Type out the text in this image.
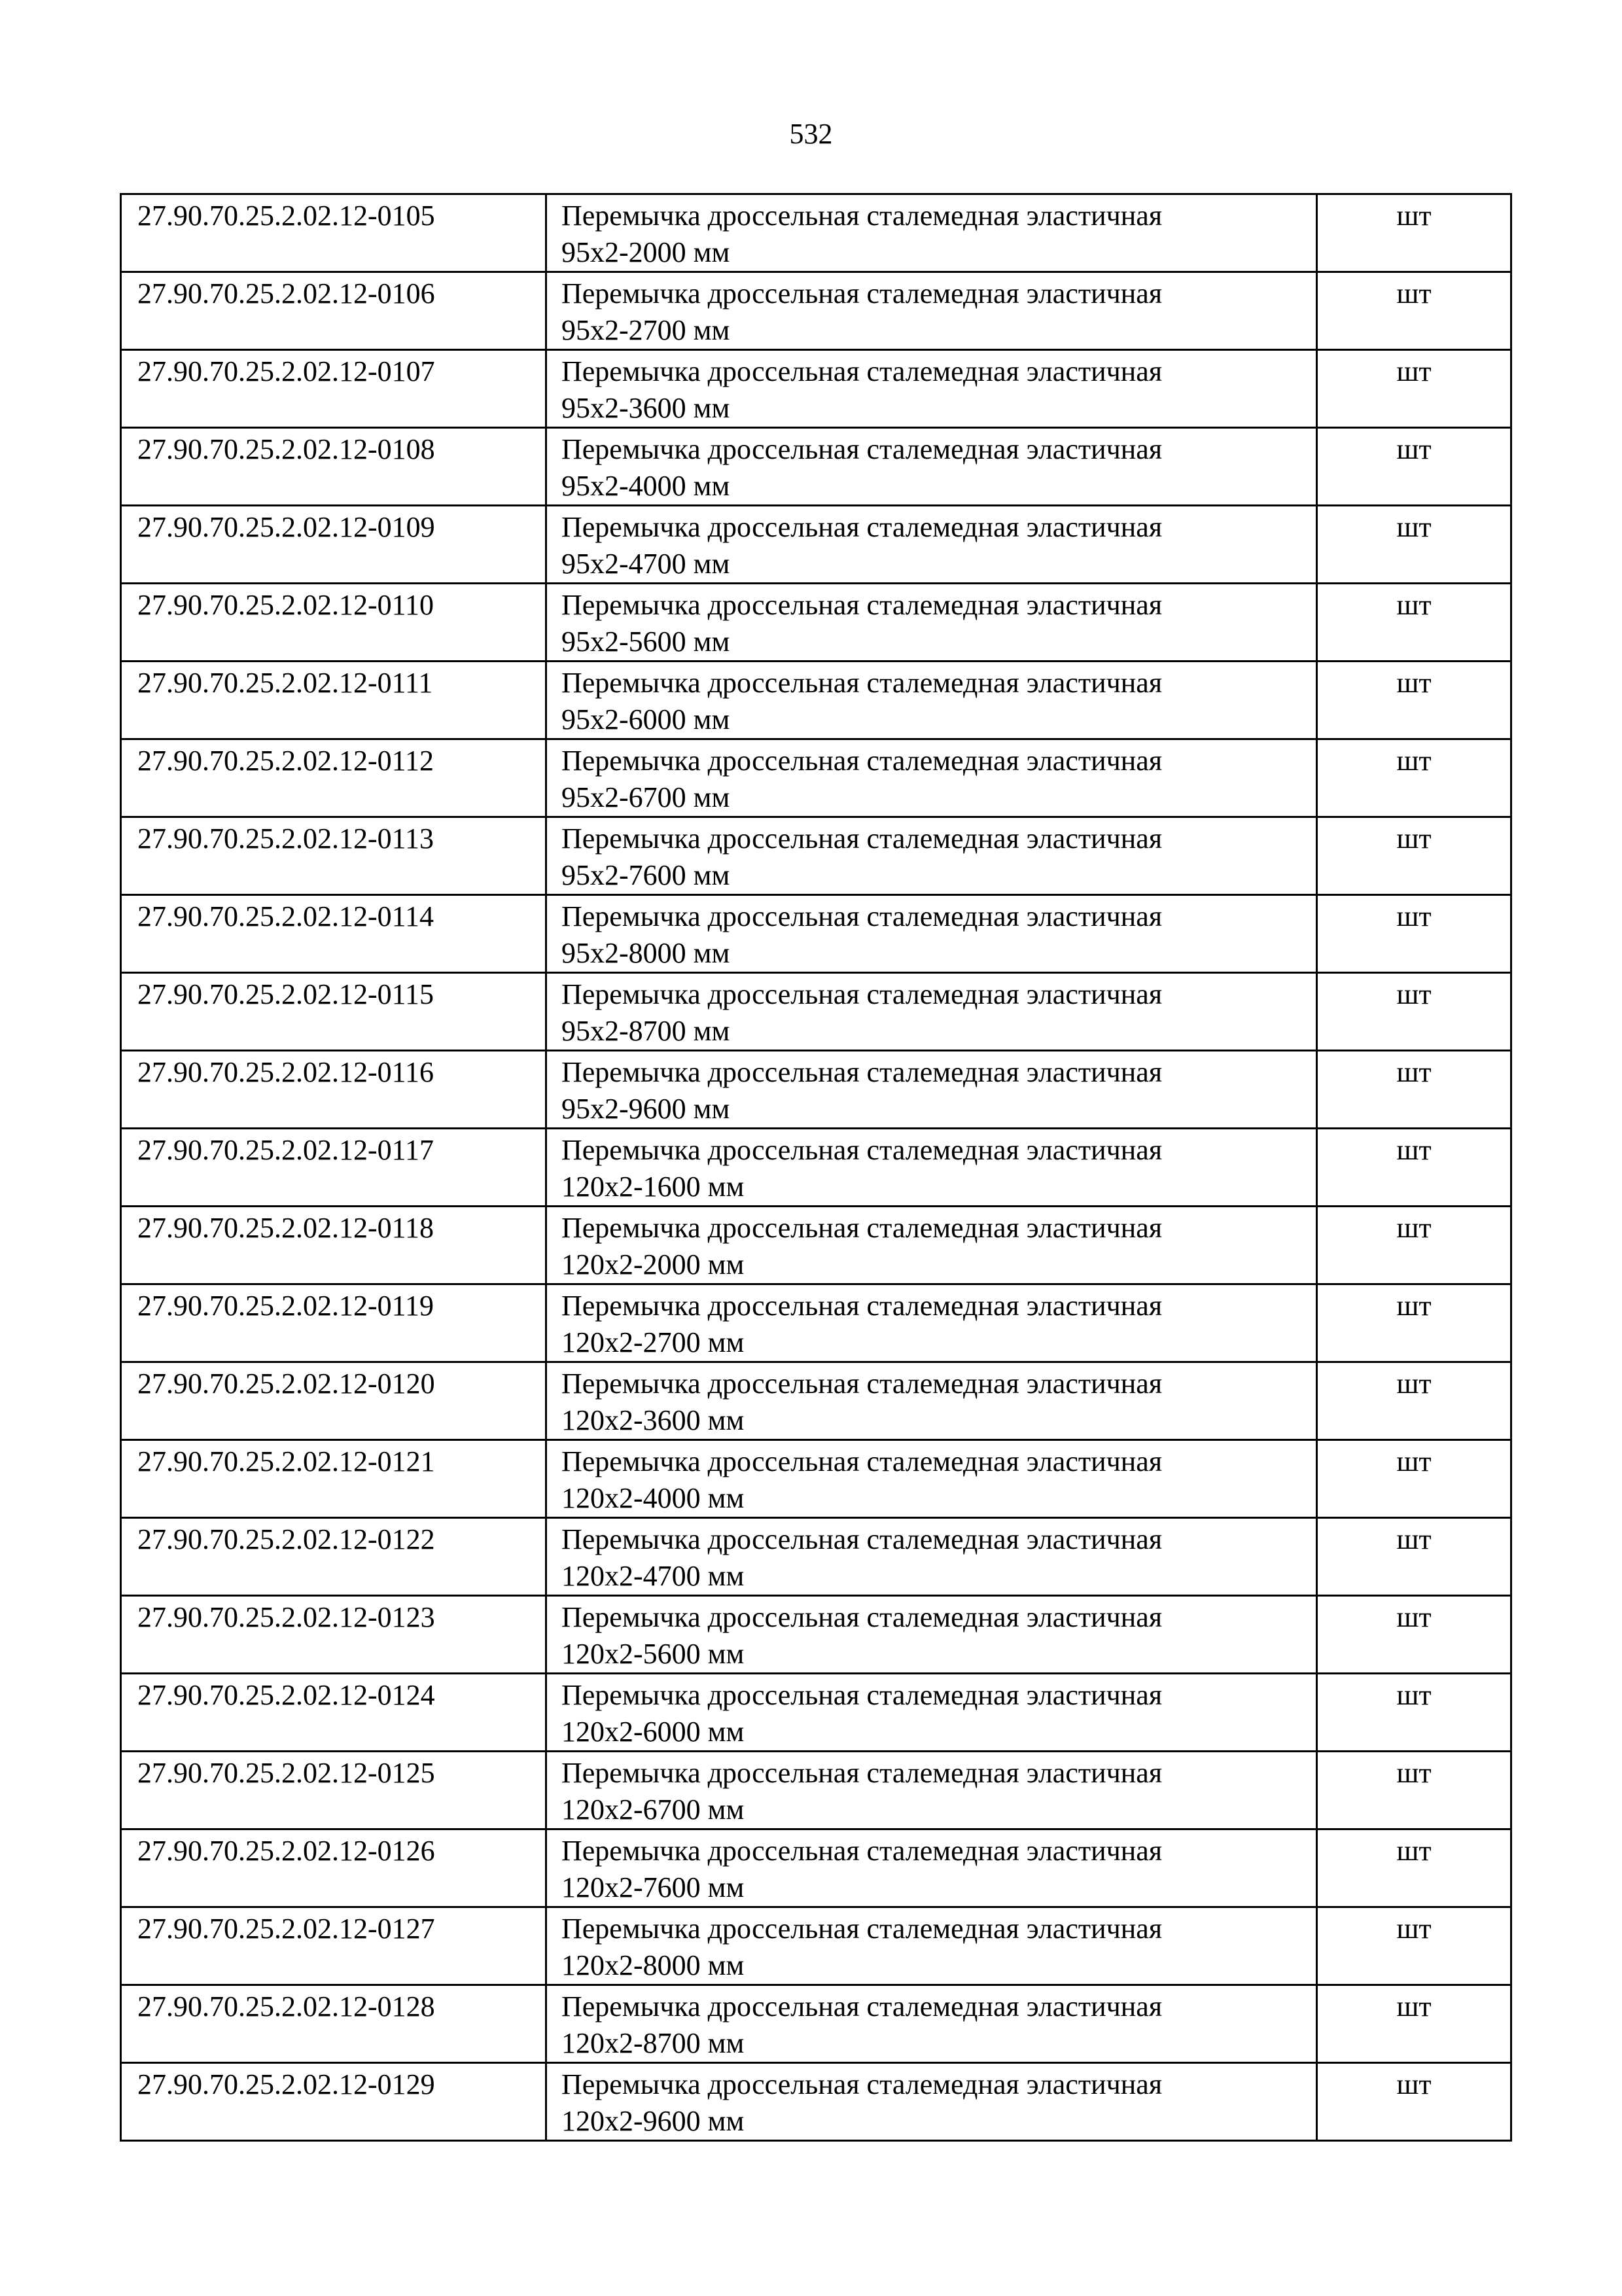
532
27.90.70.25.2.02.12-0105	Перемычка дроссельная сталемедная эластичная
95х2-2000 мм	шт
27.90.70.25.2.02.12-0106	Перемычка дроссельная сталемедная эластичная
95х2-2700 мм	шт
27.90.70.25.2.02.12-0107	Перемычка дроссельная сталемедная эластичная
95х2-3600 мм	шт
27.90.70.25.2.02.12-0108	Перемычка дроссельная сталемедная эластичная
95х2-4000 мм	шт
27.90.70.25.2.02.12-0109	Перемычка дроссельная сталемедная эластичная
95х2-4700 мм	шт
27.90.70.25.2.02.12-0110	Перемычка дроссельная сталемедная эластичная
95х2-5600 мм	шт
27.90.70.25.2.02.12-0111	Перемычка дроссельная сталемедная эластичная
95х2-6000 мм	шт
27.90.70.25.2.02.12-0112	Перемычка дроссельная сталемедная эластичная
95х2-6700 мм	шт
27.90.70.25.2.02.12-0113	Перемычка дроссельная сталемедная эластичная
95х2-7600 мм	шт
27.90.70.25.2.02.12-0114	Перемычка дроссельная сталемедная эластичная
95х2-8000 мм	шт
27.90.70.25.2.02.12-0115	Перемычка дроссельная сталемедная эластичная
95х2-8700 мм	шт
27.90.70.25.2.02.12-0116	Перемычка дроссельная сталемедная эластичная
95х2-9600 мм	шт
27.90.70.25.2.02.12-0117	Перемычка дроссельная сталемедная эластичная
120х2-1600 мм	шт
27.90.70.25.2.02.12-0118	Перемычка дроссельная сталемедная эластичная
120х2-2000 мм	шт
27.90.70.25.2.02.12-0119	Перемычка дроссельная сталемедная эластичная
120х2-2700 мм	шт
27.90.70.25.2.02.12-0120	Перемычка дроссельная сталемедная эластичная
120х2-3600 мм	шт
27.90.70.25.2.02.12-0121	Перемычка дроссельная сталемедная эластичная
120х2-4000 мм	шт
27.90.70.25.2.02.12-0122	Перемычка дроссельная сталемедная эластичная
120х2-4700 мм	шт
27.90.70.25.2.02.12-0123	Перемычка дроссельная сталемедная эластичная
120х2-5600 мм	шт
27.90.70.25.2.02.12-0124	Перемычка дроссельная сталемедная эластичная
120х2-6000 мм	шт
27.90.70.25.2.02.12-0125	Перемычка дроссельная сталемедная эластичная
120х2-6700 мм	шт
27.90.70.25.2.02.12-0126	Перемычка дроссельная сталемедная эластичная
120х2-7600 мм	шт
27.90.70.25.2.02.12-0127	Перемычка дроссельная сталемедная эластичная
120х2-8000 мм	шт
27.90.70.25.2.02.12-0128	Перемычка дроссельная сталемедная эластичная
120х2-8700 мм	шт
27.90.70.25.2.02.12-0129	Перемычка дроссельная сталемедная эластичная
120х2-9600 мм	шт
